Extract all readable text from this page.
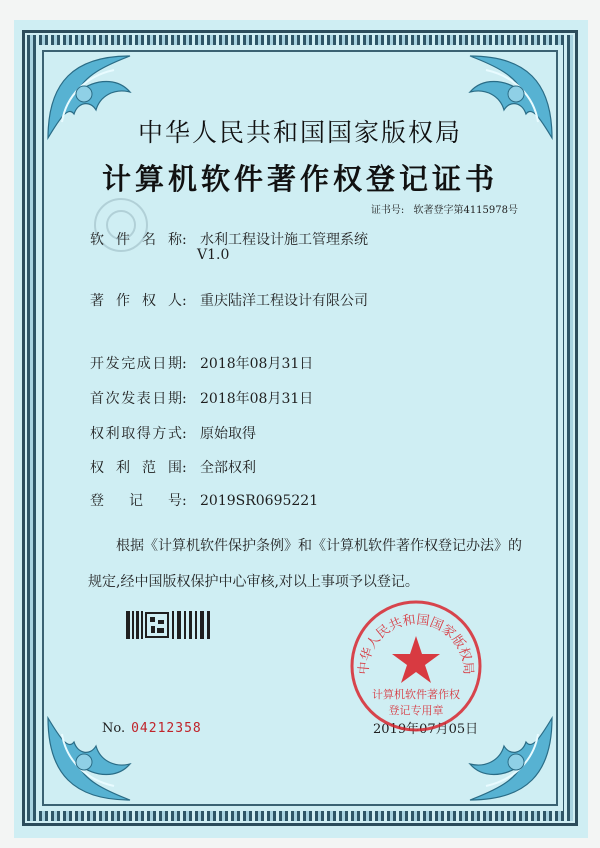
中华人民共和国国家版权局
计算机软件著作权登记证书
证书号: 软著登字第4115978号
软件名称: 水利工程设计施工管理系统
V1.0
著作权人: 重庆陆洋工程设计有限公司
开发完成日期: 2018年08月31日
首次发表日期: 2018年08月31日
权利取得方式: 原始取得
权利范围: 全部权利
登记号: 2019SR0695221
根据《计算机软件保护条例》和《计算机软件著作权登记办法》的
规定,经中国版权保护中心审核,对以上事项予以登记。
No. 04212358	2019年07月05日
中华人民共和国国家版权局
计算机软件著作权
登记专用章
